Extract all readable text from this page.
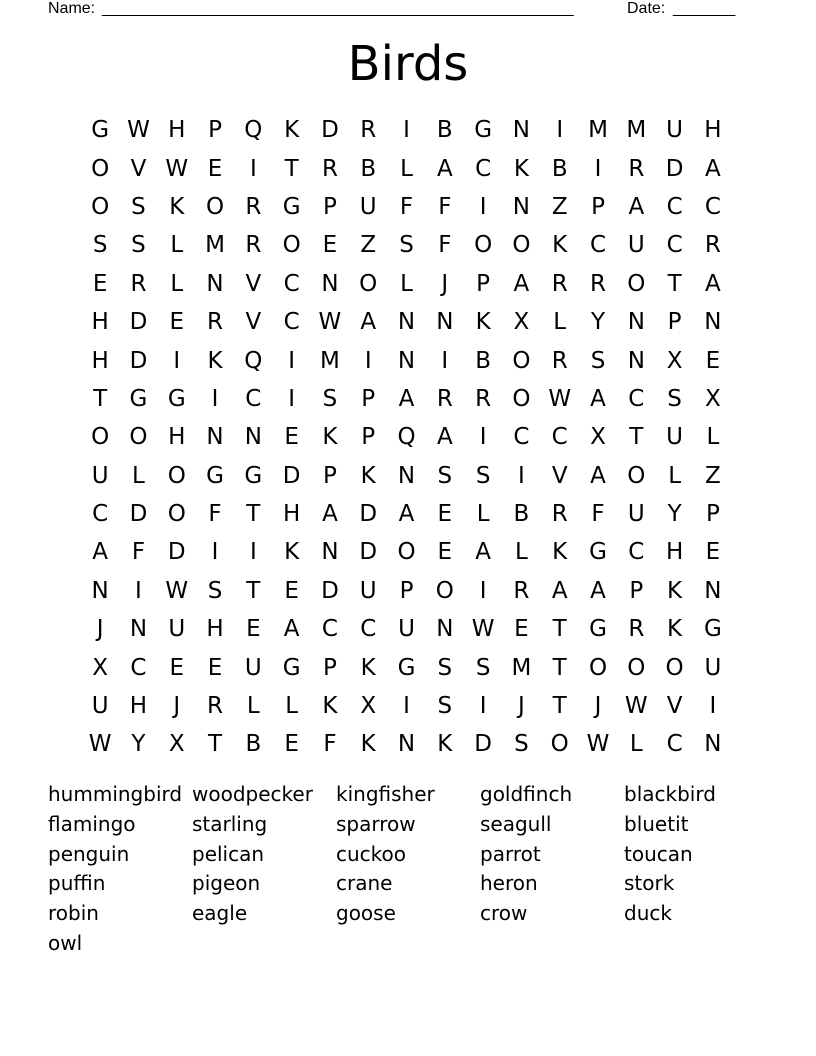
Name: _____________________________________________________	Date: _______
Birds
G W H P Q K D R	I	B G N	I	M M U H
O V W E	I	T	R B	L	A C K B	I	R D A
O S	K O R G P U	F	F	I	N Z	P	A C C
S	S	L M R O E	Z	S	F O O K C U C R
E	R	L	N V C N O L	J	P	A R R O T	A
H D E	R V C W A N N K X	L	Y N P N
H D	I	K Q	I	M	I	N	I	B O R	S N X	E
T G G	I	C	I	S	P	A R R O W A C S	X
O O H N N E	K	P Q A	I	C C X	T U	L
U	L O G G D P	K N S	S	I	V A O L	Z
C D O F	T H A D A	E	L	B R	F	U Y	P
A	F D	I	I	K N D O E	A	L	K G C H E
N	I	W S	T	E D U P O	I	R A A	P	K N
J	N U H E	A C C U N W E	T G R K G
X C	E	E U G P	K G S	S M T O O O U
U H	J	R	L	L	K X	I	S	I	J	T	J	W V	I
W Y	X	T	B	E	F	K N K D S O W L	C N
hummingbird woodpecker	kingfisher	goldfinch	blackbird
flamingo	starling	sparrow	seagull	bluetit
penguin	pelican	cuckoo	parrot	toucan
puffin	pigeon	crane	heron	stork
robin	eagle	goose	crow	duck
owl
